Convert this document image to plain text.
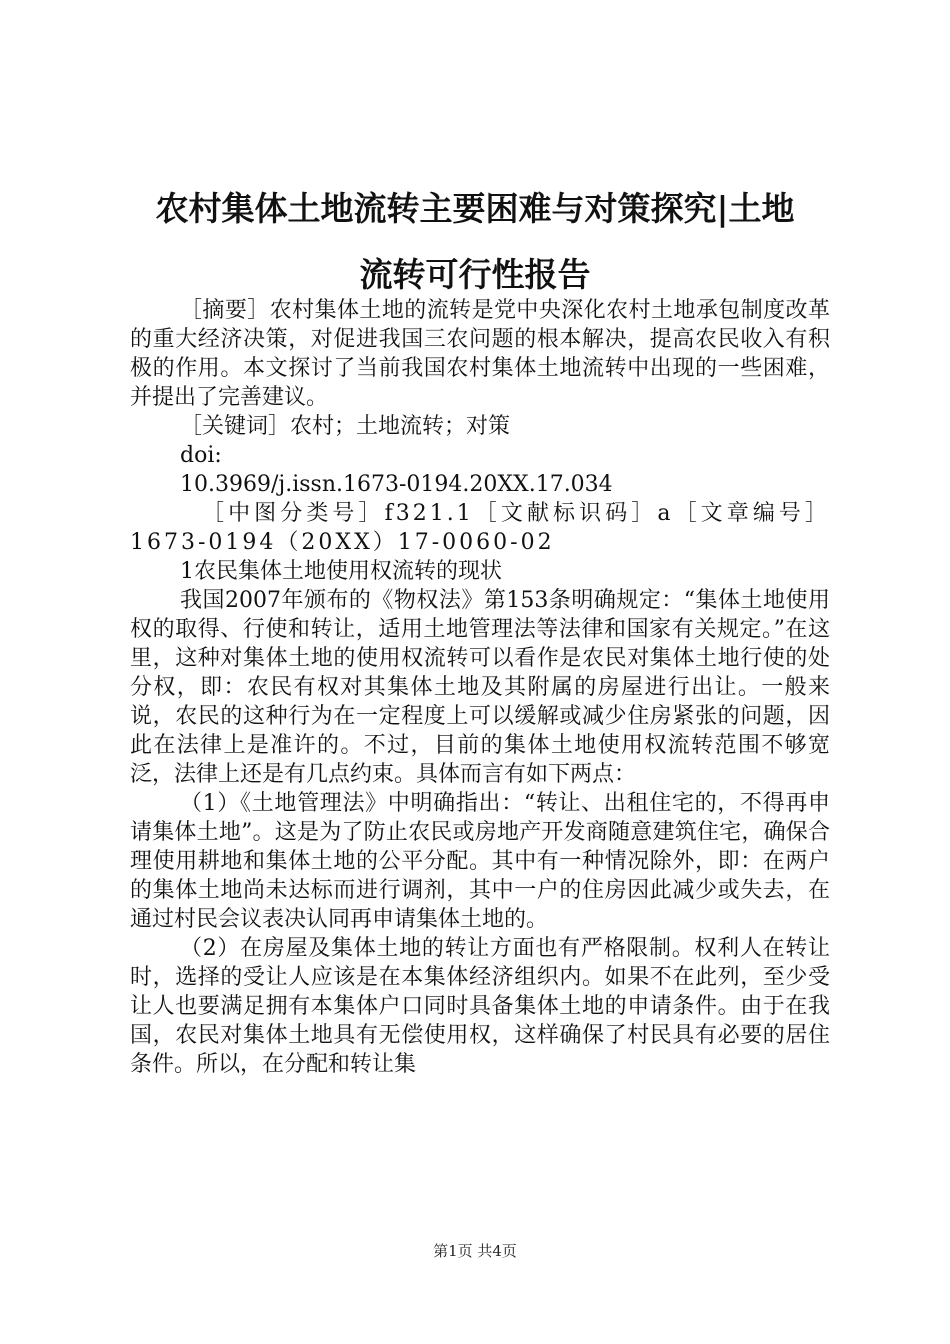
农村集体土地流转主要困难与对策探究|土地
流转可行性报告

［摘要］农村集体土地的流转是党中央深化农村土地承包制度改革的重大经济决策，对促进我国三农问题的根本解决，提高农民收入有积极的作用。本文探讨了当前我国农村集体土地流转中出现的一些困难，并提出了完善建议。

［关键词］农村；土地流转；对策

doi:

10.3969/j.issn.1673-0194.20XX.17.034

［中图分类号］f321.1［文献标识码］a［文章编号］1673-0194（20XX）17-0060-02

1农民集体土地使用权流转的现状

我国2007年颁布的《物权法》第153条明确规定：“集体土地使用权的取得、行使和转让，适用土地管理法等法律和国家有关规定。”在这里，这种对集体土地的使用权流转可以看作是农民对集体土地行使的处分权，即：农民有权对其集体土地及其附属的房屋进行出让。一般来说，农民的这种行为在一定程度上可以缓解或减少住房紧张的问题，因此在法律上是准许的。不过，目前的集体土地使用权流转范围不够宽泛，法律上还是有几点约束。具体而言有如下两点：

（1）《土地管理法》中明确指出：“转让、出租住宅的，不得再申请集体土地”。这是为了防止农民或房地产开发商随意建筑住宅，确保合理使用耕地和集体土地的公平分配。其中有一种情况除外，即：在两户的集体土地尚未达标而进行调剂，其中一户的住房因此减少或失去，在通过村民会议表决认同再申请集体土地的。

（2）在房屋及集体土地的转让方面也有严格限制。权利人在转让时，选择的受让人应该是在本集体经济组织内。如果不在此列，至少受让人也要满足拥有本集体户口同时具备集体土地的申请条件。由于在我国，农民对集体土地具有无偿使用权，这样确保了村民具有必要的居住条件。所以，在分配和转让集

第1页 共4页
